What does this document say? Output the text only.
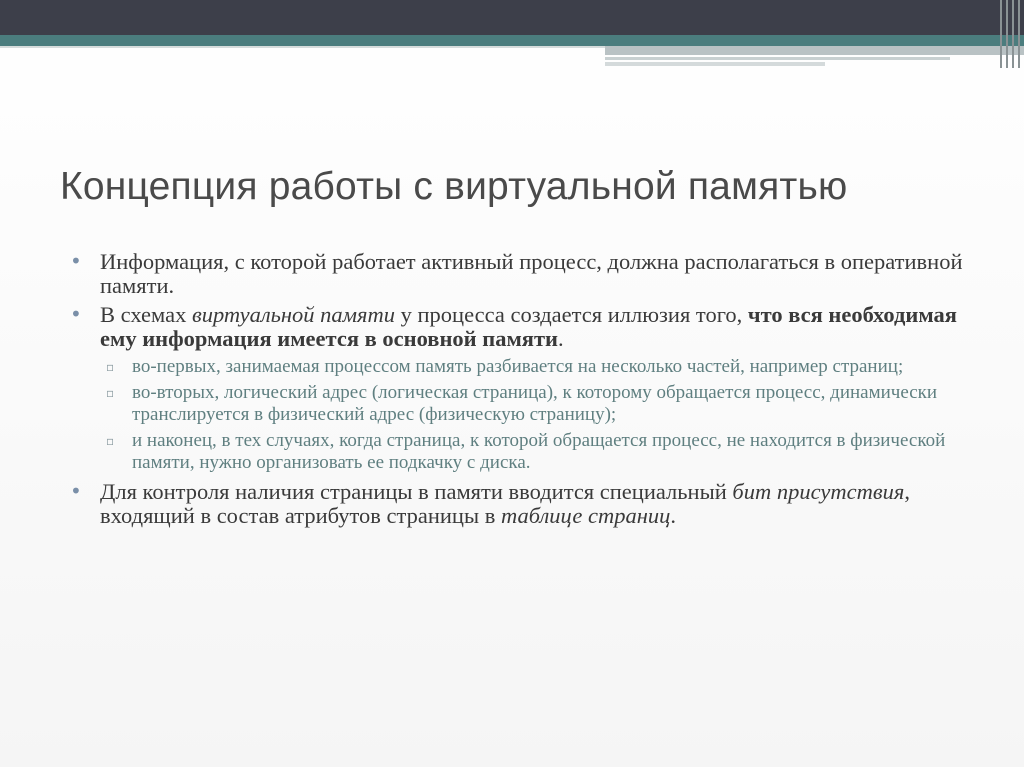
Концепция работы с виртуальной памятью
• Информация, с которой работает активный процесс, должна располагаться в оперативной памяти.
• В схемах виртуальной памяти у процесса создается иллюзия того, что вся необходимая ему информация имеется в основной памяти.
▫ во-первых, занимаемая процессом память разбивается на несколько частей, например страниц;
▫ во-вторых, логический адрес (логическая страница), к которому обращается процесс, динамически транслируется в физический адрес (физическую страницу);
▫ и наконец, в тех случаях, когда страница, к которой обращается процесс, не находится в физической памяти, нужно организовать ее подкачку с диска.
• Для контроля наличия страницы в памяти вводится специальный бит присутствия, входящий в состав атрибутов страницы в таблице страниц.
